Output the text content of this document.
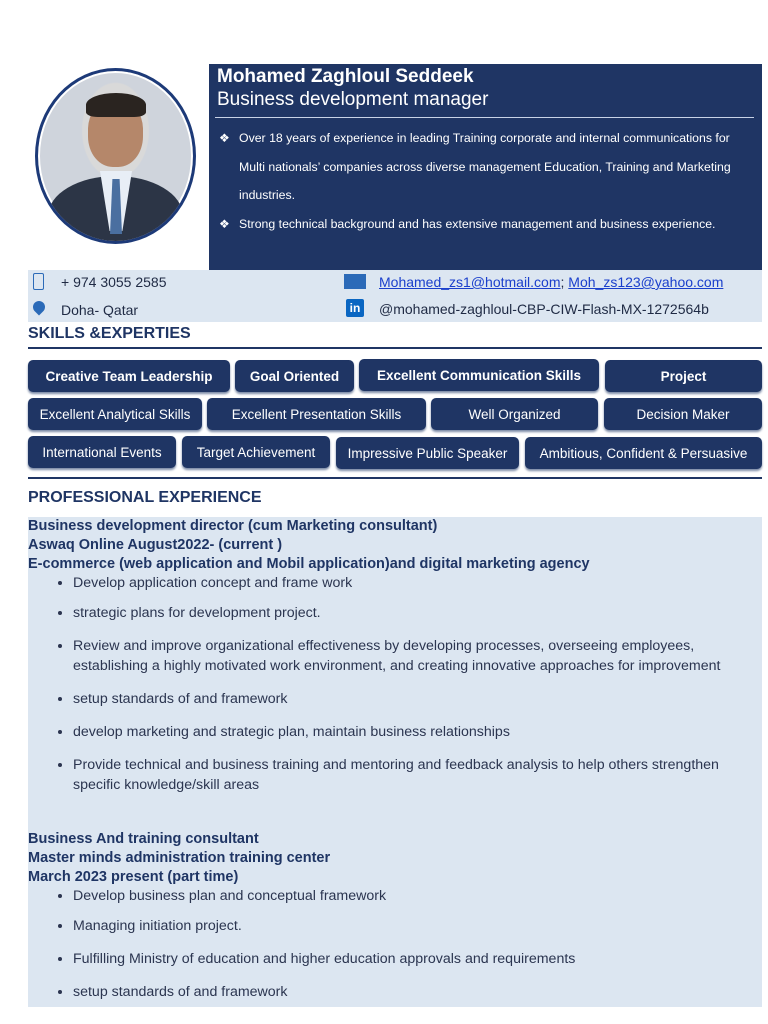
Mohamed Zaghloul Seddeek
Business development manager
❖ Over 18 years of experience in leading Training corporate and internal communications for Multi nationals’ companies across diverse management Education, Training and Marketing industries.
❖ Strong technical background and has extensive management and business experience.
+ 974 3055 2585
Doha- Qatar
Mohamed_zs1@hotmail.com; Moh_zs123@yahoo.com
in @mohamed-zaghloul-CBP-CIW-Flash-MX-1272564b
SKILLS &EXPERTIES
Creative Team Leadership	Goal Oriented	Excellent Communication Skills	Project
Excellent Analytical Skills	Excellent Presentation Skills	Well Organized	Decision Maker
International Events	Target Achievement	Impressive Public Speaker	Ambitious, Confident & Persuasive
PROFESSIONAL EXPERIENCE
Business development director (cum Marketing consultant)
Aswaq Online August2022- (current )
E-commerce (web application and Mobil application)and digital marketing agency
• Develop application concept and frame work
• strategic plans for development project.
• Review and improve organizational effectiveness by developing processes, overseeing employees, establishing a highly motivated work environment, and creating innovative approaches for improvement
• setup standards of and framework
• develop marketing and strategic plan, maintain business relationships
• Provide technical and business training and mentoring and feedback analysis to help others strengthen specific knowledge/skill areas
Business And training consultant
Master minds administration training center
March 2023 present (part time)
• Develop business plan and conceptual framework
• Managing initiation project.
• Fulfilling Ministry of education and higher education approvals and requirements
• setup standards of and framework
